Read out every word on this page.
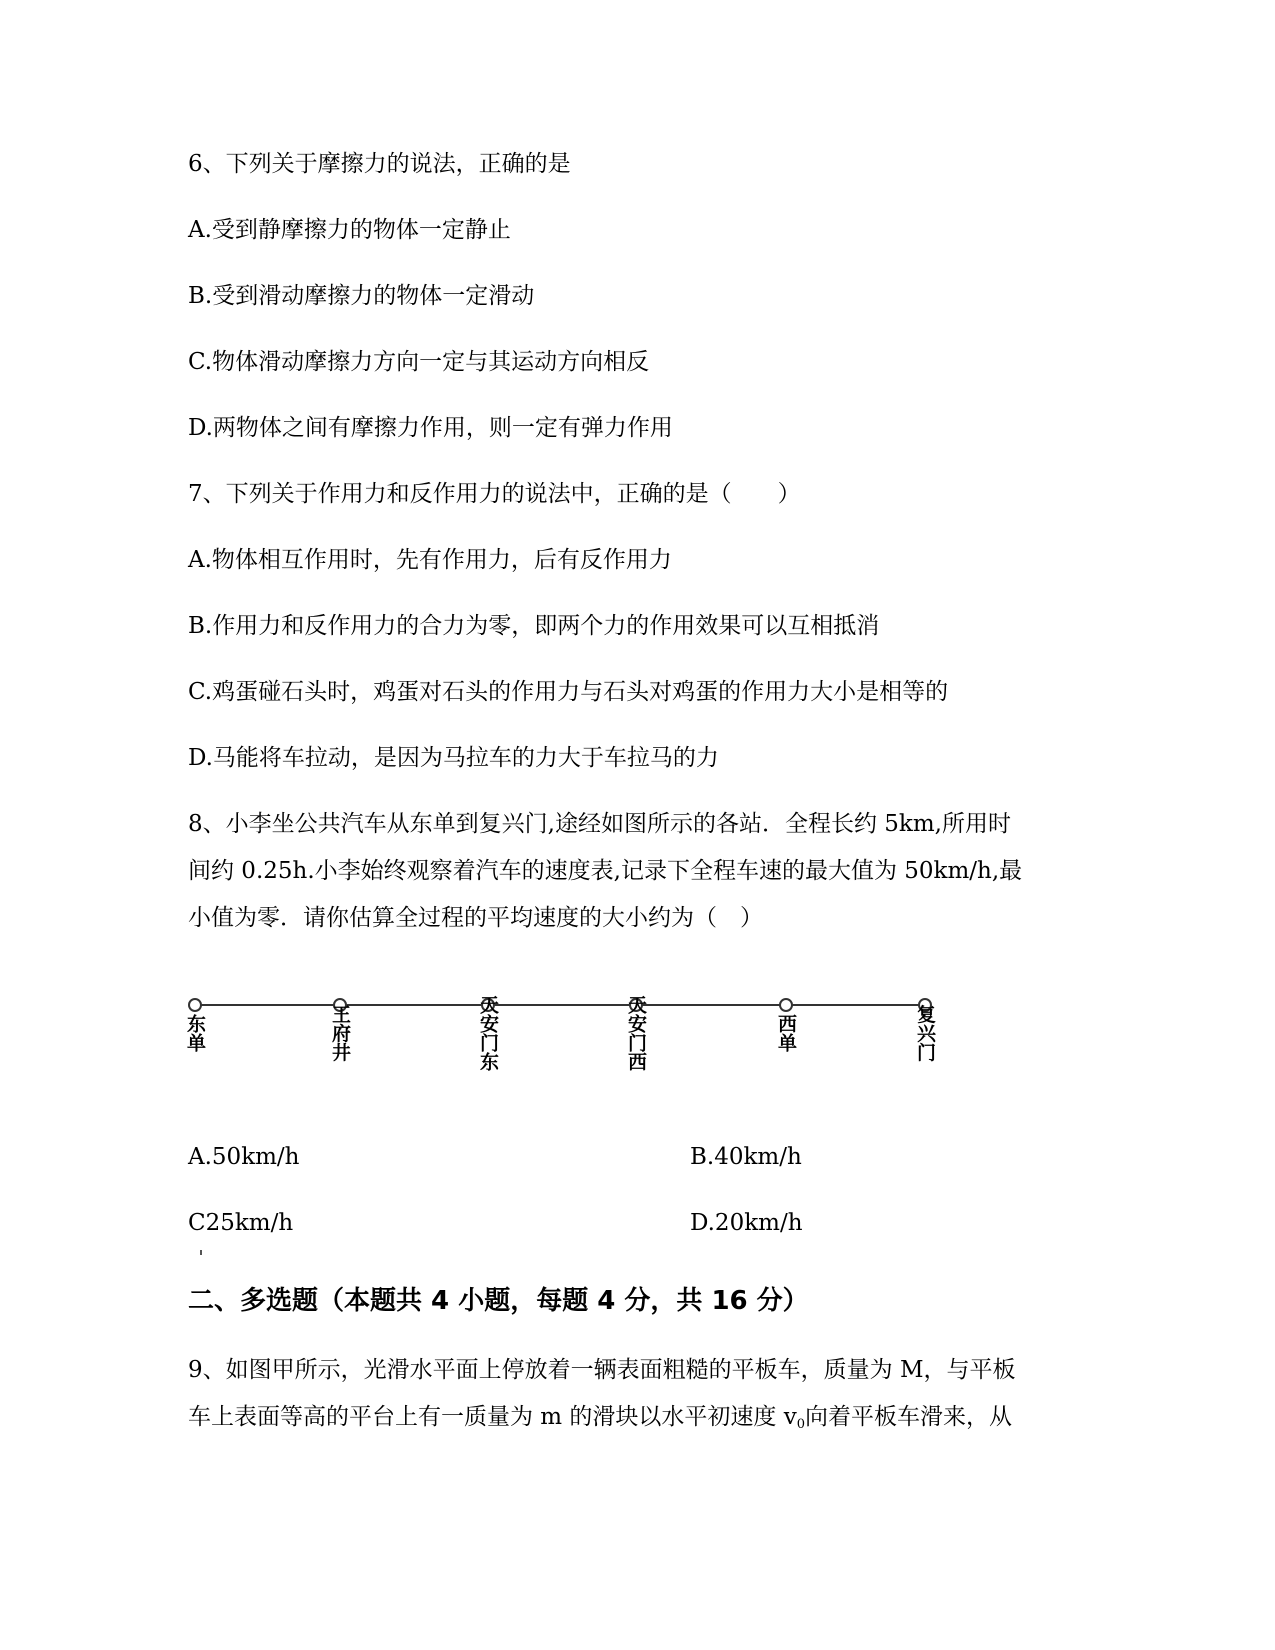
6、下列关于摩擦力的说法，正确的是
A.受到静摩擦力的物体一定静止
B.受到滑动摩擦力的物体一定滑动
C.物体滑动摩擦力方向一定与其运动方向相反
D.两物体之间有摩擦力作用，则一定有弹力作用
7、下列关于作用力和反作用力的说法中，正确的是（　　）
A.物体相互作用时，先有作用力，后有反作用力
B.作用力和反作用力的合力为零，即两个力的作用效果可以互相抵消
C.鸡蛋碰石头时，鸡蛋对石头的作用力与石头对鸡蛋的作用力大小是相等的
D.马能将车拉动，是因为马拉车的力大于车拉马的力
8、小李坐公共汽车从东单到复兴门,途经如图所示的各站．全程长约 5km,所用时
间约 0.25h.小李始终观察着汽车的速度表,记录下全程车速的最大值为 50km/h,最
小值为零．请你估算全过程的平均速度的大小约为（　）
东单	王府井	天安门东	天安门西	西单	复兴门
A.50km/h	B.40km/h
C25km/h	D.20km/h
二、多选题（本题共 4 小题，每题 4 分，共 16 分）
9、如图甲所示，光滑水平面上停放着一辆表面粗糙的平板车，质量为 M，与平板
车上表面等高的平台上有一质量为 m 的滑块以水平初速度 $v_0$向着平板车滑来，从
